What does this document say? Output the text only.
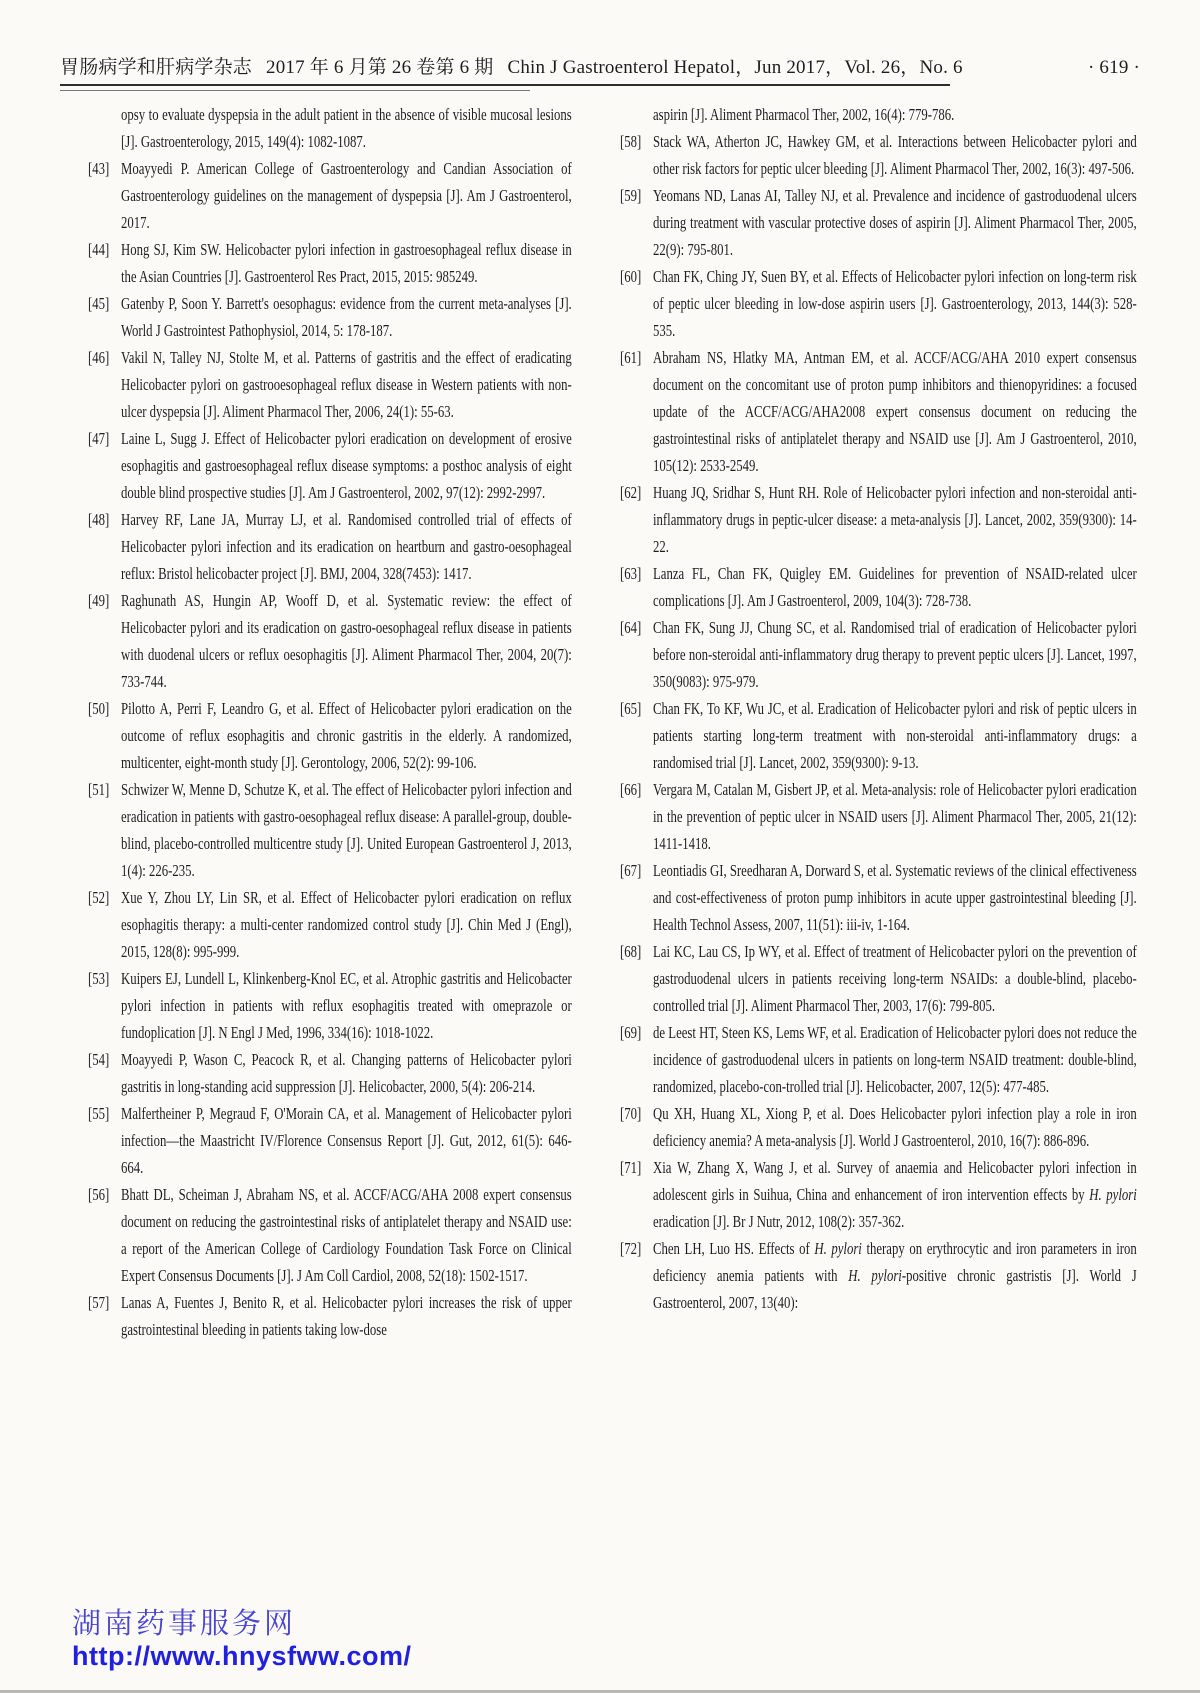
胃肠病学和肝病学杂志 2017 年 6 月第 26 卷第 6 期 Chin J Gastroenterol Hepatol，Jun 2017，Vol. 26，No. 6	· 619 ·

opsy to evaluate dyspepsia in the adult patient in the absence of visible mucosal lesions [J]. Gastroenterology, 2015, 149(4): 1082-1087.

[43] Moayyedi P. American College of Gastroenterology and Candian Association of Gastroenterology guidelines on the management of dyspepsia [J]. Am J Gastroenterol, 2017.

[44] Hong SJ, Kim SW. Helicobacter pylori infection in gastroesophageal reflux disease in the Asian Countries [J]. Gastroenterol Res Pract, 2015, 2015: 985249.

[45] Gatenby P, Soon Y. Barrett's oesophagus: evidence from the current meta-analyses [J]. World J Gastrointest Pathophysiol, 2014, 5: 178-187.

[46] Vakil N, Talley NJ, Stolte M, et al. Patterns of gastritis and the effect of eradicating Helicobacter pylori on gastrooesophageal reflux disease in Western patients with non-ulcer dyspepsia [J]. Aliment Pharmacol Ther, 2006, 24(1): 55-63.

[47] Laine L, Sugg J. Effect of Helicobacter pylori eradication on development of erosive esophagitis and gastroesophageal reflux disease symptoms: a posthoc analysis of eight double blind prospective studies [J]. Am J Gastroenterol, 2002, 97(12): 2992-2997.

[48] Harvey RF, Lane JA, Murray LJ, et al. Randomised controlled trial of effects of Helicobacter pylori infection and its eradication on heartburn and gastro-oesophageal reflux: Bristol helicobacter project [J]. BMJ, 2004, 328(7453): 1417.

[49] Raghunath AS, Hungin AP, Wooff D, et al. Systematic review: the effect of Helicobacter pylori and its eradication on gastro-oesophageal reflux disease in patients with duodenal ulcers or reflux oesophagitis [J]. Aliment Pharmacol Ther, 2004, 20(7): 733-744.

[50] Pilotto A, Perri F, Leandro G, et al. Effect of Helicobacter pylori eradication on the outcome of reflux esophagitis and chronic gastritis in the elderly. A randomized, multicenter, eight-month study [J]. Gerontology, 2006, 52(2): 99-106.

[51] Schwizer W, Menne D, Schutze K, et al. The effect of Helicobacter pylori infection and eradication in patients with gastro-oesophageal reflux disease: A parallel-group, double-blind, placebo-controlled multicentre study [J]. United European Gastroenterol J, 2013, 1(4): 226-235.

[52] Xue Y, Zhou LY, Lin SR, et al. Effect of Helicobacter pylori eradication on reflux esophagitis therapy: a multi-center randomized control study [J]. Chin Med J (Engl), 2015, 128(8): 995-999.

[53] Kuipers EJ, Lundell L, Klinkenberg-Knol EC, et al. Atrophic gastritis and Helicobacter pylori infection in patients with reflux esophagitis treated with omeprazole or fundoplication [J]. N Engl J Med, 1996, 334(16): 1018-1022.

[54] Moayyedi P, Wason C, Peacock R, et al. Changing patterns of Helicobacter pylori gastritis in long-standing acid suppression [J]. Helicobacter, 2000, 5(4): 206-214.

[55] Malfertheiner P, Megraud F, O'Morain CA, et al. Management of Helicobacter pylori infection—the Maastricht IV/Florence Consensus Report [J]. Gut, 2012, 61(5): 646-664.

[56] Bhatt DL, Scheiman J, Abraham NS, et al. ACCF/ACG/AHA 2008 expert consensus document on reducing the gastrointestinal risks of antiplatelet therapy and NSAID use: a report of the American College of Cardiology Foundation Task Force on Clinical Expert Consensus Documents [J]. J Am Coll Cardiol, 2008, 52(18): 1502-1517.

[57] Lanas A, Fuentes J, Benito R, et al. Helicobacter pylori increases the risk of upper gastrointestinal bleeding in patients taking low-dose

aspirin [J]. Aliment Pharmacol Ther, 2002, 16(4): 779-786.

[58] Stack WA, Atherton JC, Hawkey GM, et al. Interactions between Helicobacter pylori and other risk factors for peptic ulcer bleeding [J]. Aliment Pharmacol Ther, 2002, 16(3): 497-506.

[59] Yeomans ND, Lanas AI, Talley NJ, et al. Prevalence and incidence of gastroduodenal ulcers during treatment with vascular protective doses of aspirin [J]. Aliment Pharmacol Ther, 2005, 22(9): 795-801.

[60] Chan FK, Ching JY, Suen BY, et al. Effects of Helicobacter pylori infection on long-term risk of peptic ulcer bleeding in low-dose aspirin users [J]. Gastroenterology, 2013, 144(3): 528-535.

[61] Abraham NS, Hlatky MA, Antman EM, et al. ACCF/ACG/AHA 2010 expert consensus document on the concomitant use of proton pump inhibitors and thienopyridines: a focused update of the ACCF/ACG/AHA2008 expert consensus document on reducing the gastrointestinal risks of antiplatelet therapy and NSAID use [J]. Am J Gastroenterol, 2010, 105(12): 2533-2549.

[62] Huang JQ, Sridhar S, Hunt RH. Role of Helicobacter pylori infection and non-steroidal anti-inflammatory drugs in peptic-ulcer disease: a meta-analysis [J]. Lancet, 2002, 359(9300): 14-22.

[63] Lanza FL, Chan FK, Quigley EM. Guidelines for prevention of NSAID-related ulcer complications [J]. Am J Gastroenterol, 2009, 104(3): 728-738.

[64] Chan FK, Sung JJ, Chung SC, et al. Randomised trial of eradication of Helicobacter pylori before non-steroidal anti-inflammatory drug therapy to prevent peptic ulcers [J]. Lancet, 1997, 350(9083): 975-979.

[65] Chan FK, To KF, Wu JC, et al. Eradication of Helicobacter pylori and risk of peptic ulcers in patients starting long-term treatment with non-steroidal anti-inflammatory drugs: a randomised trial [J]. Lancet, 2002, 359(9300): 9-13.

[66] Vergara M, Catalan M, Gisbert JP, et al. Meta-analysis: role of Helicobacter pylori eradication in the prevention of peptic ulcer in NSAID users [J]. Aliment Pharmacol Ther, 2005, 21(12): 1411-1418.

[67] Leontiadis GI, Sreedharan A, Dorward S, et al. Systematic reviews of the clinical effectiveness and cost-effectiveness of proton pump inhibitors in acute upper gastrointestinal bleeding [J]. Health Technol Assess, 2007, 11(51): iii-iv, 1-164.

[68] Lai KC, Lau CS, Ip WY, et al. Effect of treatment of Helicobacter pylori on the prevention of gastroduodenal ulcers in patients receiving long-term NSAIDs: a double-blind, placebo-controlled trial [J]. Aliment Pharmacol Ther, 2003, 17(6): 799-805.

[69] de Leest HT, Steen KS, Lems WF, et al. Eradication of Helicobacter pylori does not reduce the incidence of gastroduodenal ulcers in patients on long-term NSAID treatment: double-blind, randomized, placebo-con-trolled trial [J]. Helicobacter, 2007, 12(5): 477-485.

[70] Qu XH, Huang XL, Xiong P, et al. Does Helicobacter pylori infection play a role in iron deficiency anemia? A meta-analysis [J]. World J Gastroenterol, 2010, 16(7): 886-896.

[71] Xia W, Zhang X, Wang J, et al. Survey of anaemia and Helicobacter pylori infection in adolescent girls in Suihua, China and enhancement of iron intervention effects by H. pylori eradication [J]. Br J Nutr, 2012, 108(2): 357-362.

[72] Chen LH, Luo HS. Effects of H. pylori therapy on erythrocytic and iron parameters in iron deficiency anemia patients with H. pylori-positive chronic gastristis [J]. World J Gastroenterol, 2007, 13(40):

湖南药事服务网
http://www.hnysfww.com/
